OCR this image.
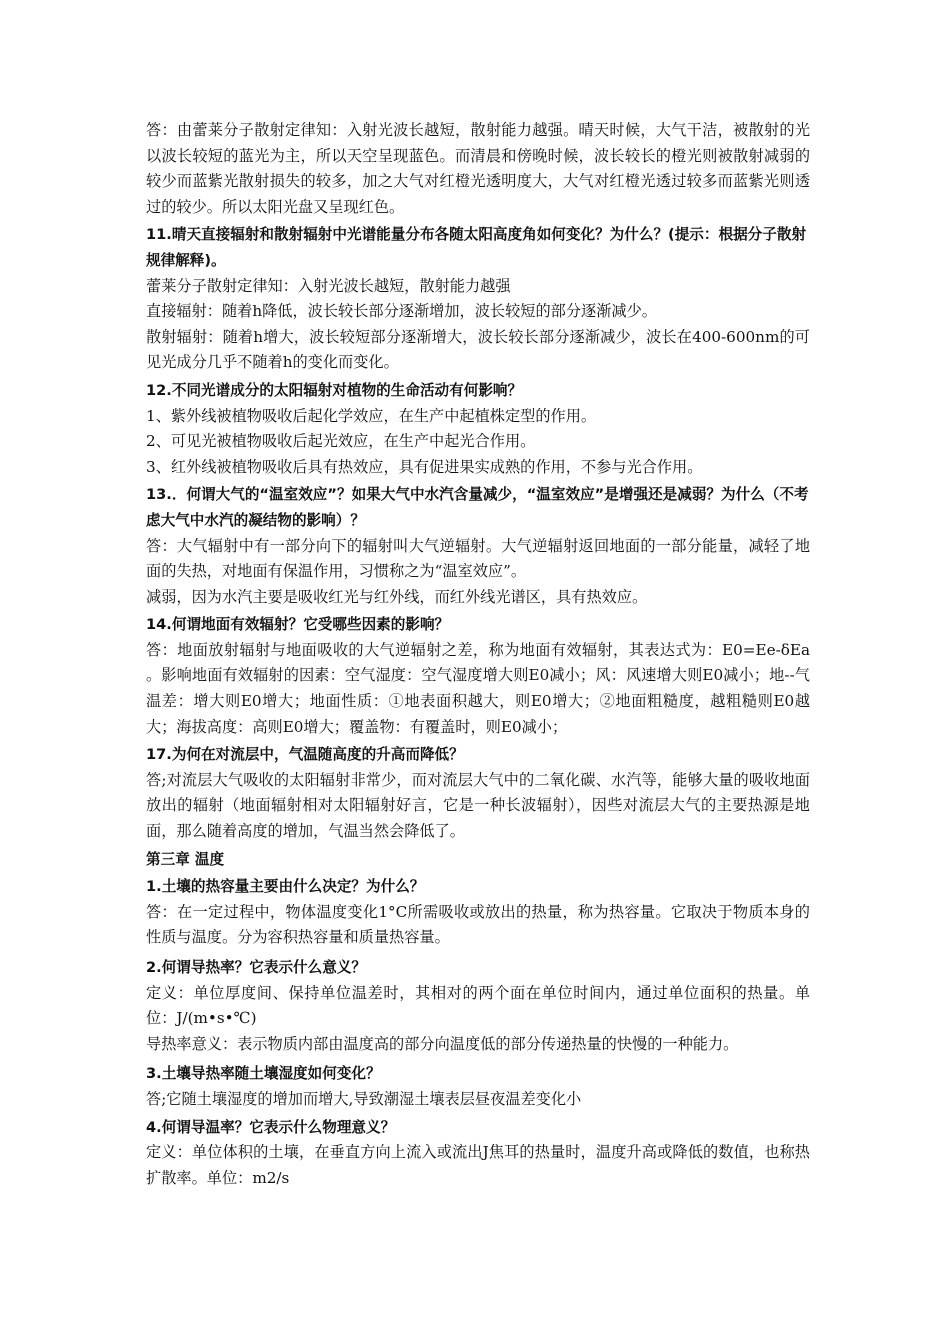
答：由蕾莱分子散射定律知：入射光波长越短，散射能力越强。晴天时候，大气干洁，被散射的光以波长较短的蓝光为主，所以天空呈现蓝色。而清晨和傍晚时候，波长较长的橙光则被散射减弱的较少而蓝紫光散射损失的较多，加之大气对红橙光透明度大，大气对红橙光透过较多而蓝紫光则透过的较少。所以太阳光盘又呈现红色。

11.晴天直接辐射和散射辐射中光谱能量分布各随太阳高度角如何变化？为什么？(提示：根据分子散射规律解释)。

蕾莱分子散射定律知：入射光波长越短，散射能力越强

直接辐射：随着h降低，波长较长部分逐渐增加，波长较短的部分逐渐减少。

散射辐射：随着h增大，波长较短部分逐渐增大，波长较长部分逐渐减少，波长在400-600nm的可见光成分几乎不随着h的变化而变化。

12.不同光谱成分的太阳辐射对植物的生命活动有何影响？

1、紫外线被植物吸收后起化学效应，在生产中起植株定型的作用。

2、可见光被植物吸收后起光效应，在生产中起光合作用。

3、红外线被植物吸收后具有热效应，具有促进果实成熟的作用，不参与光合作用。

13.．何谓大气的“温室效应”？如果大气中水汽含量减少，“温室效应”是增强还是减弱？为什么（不考虑大气中水汽的凝结物的影响）？

答：大气辐射中有一部分向下的辐射叫大气逆辐射。大气逆辐射返回地面的一部分能量，减轻了地面的失热，对地面有保温作用，习惯称之为“温室效应”。

减弱，因为水汽主要是吸收红光与红外线，而红外线光谱区，具有热效应。

14.何谓地面有效辐射？它受哪些因素的影响？

答：地面放射辐射与地面吸收的大气逆辐射之差，称为地面有效辐射，其表达式为：E0=Ee-δEa 。影响地面有效辐射的因素：空气湿度：空气湿度增大则E0减小；风：风速增大则E0减小；地--气温差：增大则E0增大；地面性质：①地表面积越大，则E0增大；②地面粗糙度，越粗糙则E0越大；海拔高度：高则E0增大；覆盖物：有覆盖时，则E0减小；

17.为何在对流层中，气温随高度的升高而降低？

答;对流层大气吸收的太阳辐射非常少，而对流层大气中的二氧化碳、水汽等，能够大量的吸收地面放出的辐射（地面辐射相对太阳辐射好言，它是一种长波辐射），因些对流层大气的主要热源是地面，那么随着高度的增加，气温当然会降低了。

第三章 温度

1.土壤的热容量主要由什么决定？为什么？

答：在一定过程中，物体温度变化1°C所需吸收或放出的热量，称为热容量。它取决于物质本身的性质与温度。分为容积热容量和质量热容量。

2.何谓导热率？它表示什么意义？

定义：单位厚度间、保持单位温差时，其相对的两个面在单位时间内，通过单位面积的热量。单位：J/(m•s•℃)

导热率意义：表示物质内部由温度高的部分向温度低的部分传递热量的快慢的一种能力。

3.土壤导热率随土壤湿度如何变化？

答;它随土壤湿度的增加而增大,导致潮湿土壤表层昼夜温差变化小

4.何谓导温率？它表示什么物理意义？

定义：单位体积的土壤，在垂直方向上流入或流出J焦耳的热量时，温度升高或降低的数值，也称热扩散率。单位：m2/s
